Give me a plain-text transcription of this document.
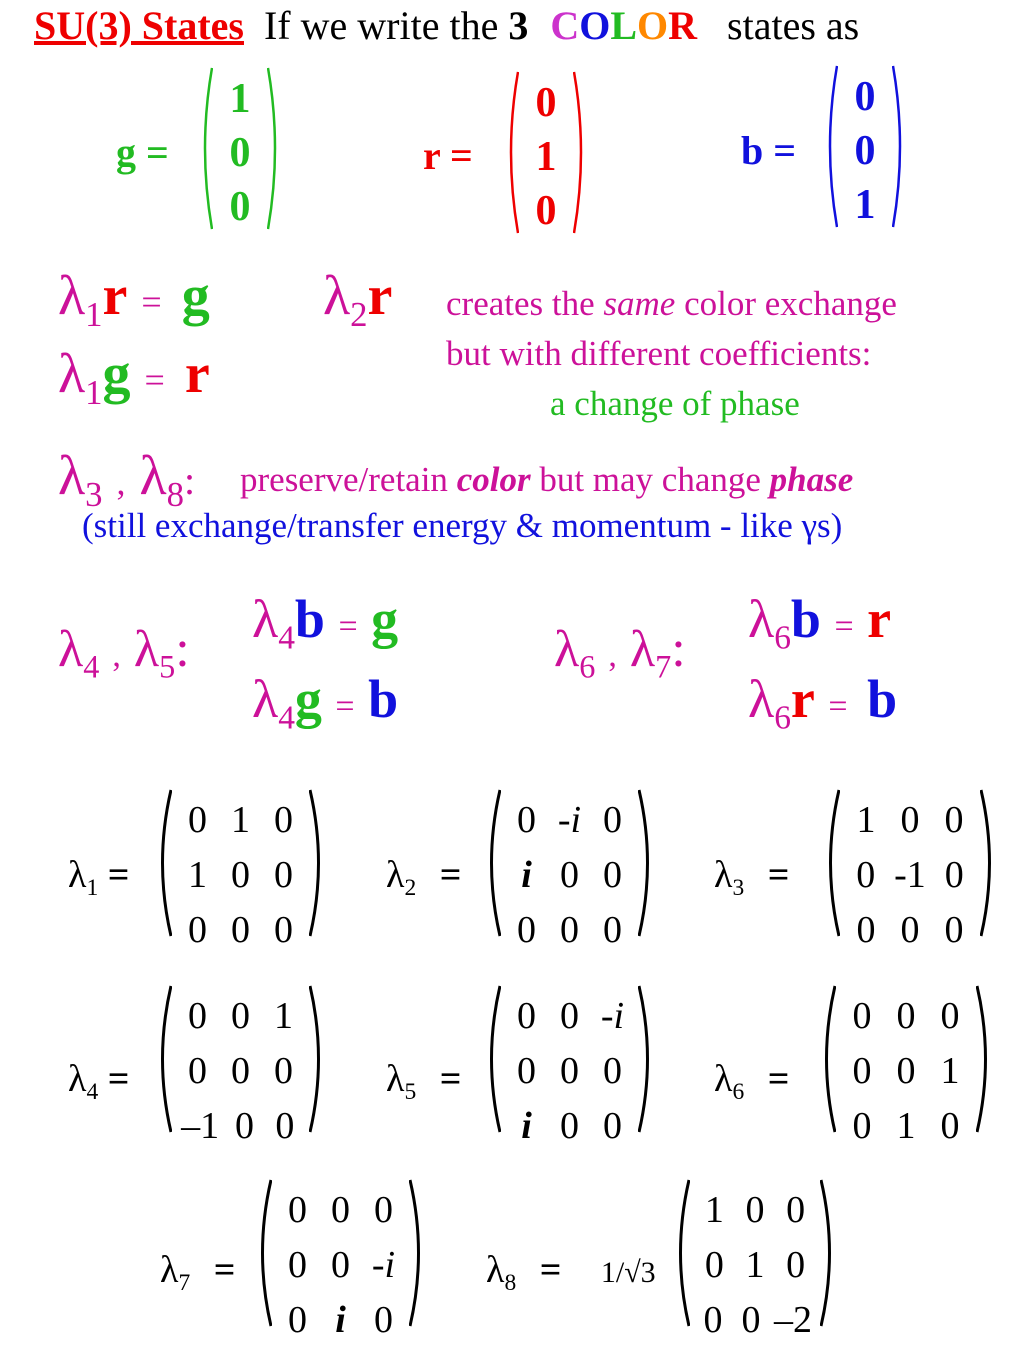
SU(3) States If we write the 3 COLOR states as
g =
1
0
0
r =
0
1
0
b =
0
0
1
$\lambda_1r = g$
$\lambda_1g = r$
$\lambda_2r$ creates the same color exchange
but with different coefficients:
a change of phase
$\lambda_3$ , $\lambda_8$: preserve/retain color but may change phase
(still exchange/transfer energy & momentum - like γs)
$\lambda_4$ , $\lambda_5$:
$\lambda_4b = g$
$\lambda_4g = b$
$\lambda_6$ , $\lambda_7$:
$\lambda_6b = r$
$\lambda_6r = b$
$\lambda_1$ =
0 1 0
1 0 0
0 0 0
$\lambda_2$ =
0 -i 0
i 0 0
0 0 0
$\lambda_3$ =
1 0 0
0 -1 0
0 0 0
$\lambda_4$ =
0 0 1
0 0 0
–1 0 0
$\lambda_5$ =
0 0 -i
0 0 0
i 0 0
$\lambda_6$ =
0 0 0
0 0 1
0 1 0
$\lambda_7$ =
0 0 0
0 0 -i
0 i 0
$\lambda_8 = 1/√3$
1 0 0
0 1 0
0 0 –2
